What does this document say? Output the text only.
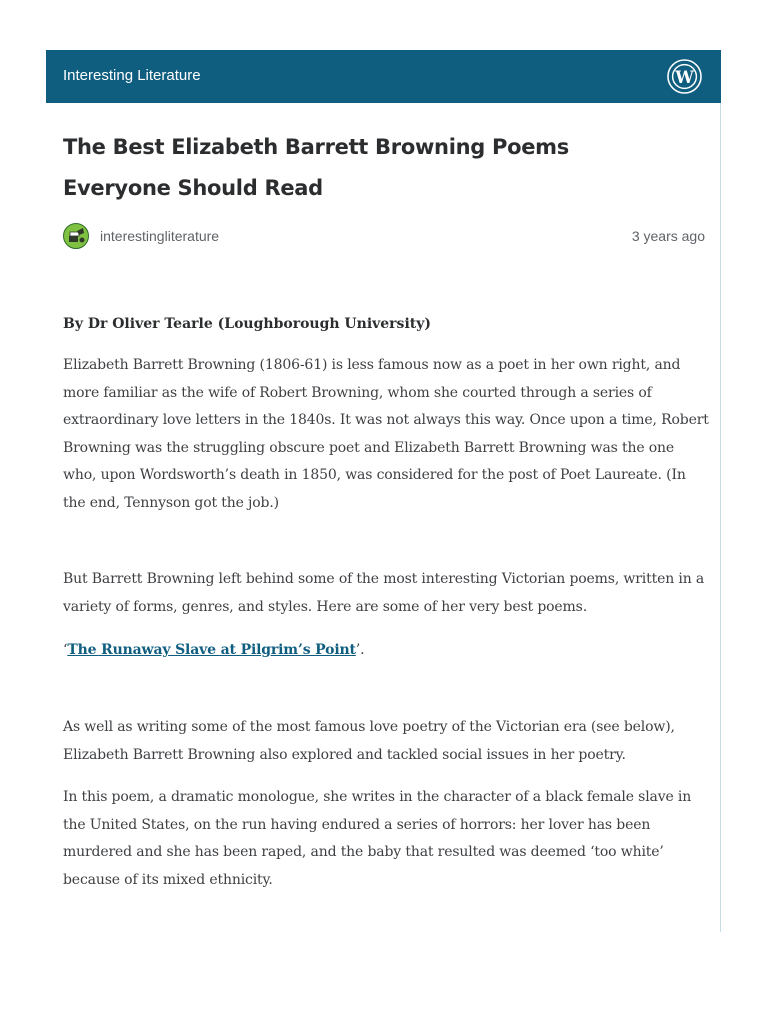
Interesting Literature	W
The Best Elizabeth Barrett Browning Poems Everyone Should Read
interestingliterature	3 years ago

By Dr Oliver Tearle (Loughborough University)

Elizabeth Barrett Browning (1806-61) is less famous now as a poet in her own right, and more familiar as the wife of Robert Browning, whom she courted through a series of extraordinary love letters in the 1840s. It was not always this way. Once upon a time, Robert Browning was the struggling obscure poet and Elizabeth Barrett Browning was the one who, upon Wordsworth’s death in 1850, was considered for the post of Poet Laureate. (In the end, Tennyson got the job.)

But Barrett Browning left behind some of the most interesting Victorian poems, written in a variety of forms, genres, and styles. Here are some of her very best poems.

‘The Runaway Slave at Pilgrim’s Point’.

As well as writing some of the most famous love poetry of the Victorian era (see below), Elizabeth Barrett Browning also explored and tackled social issues in her poetry.

In this poem, a dramatic monologue, she writes in the character of a black female slave in the United States, on the run having endured a series of horrors: her lover has been murdered and she has been raped, and the baby that resulted was deemed ‘too white’ because of its mixed ethnicity.
